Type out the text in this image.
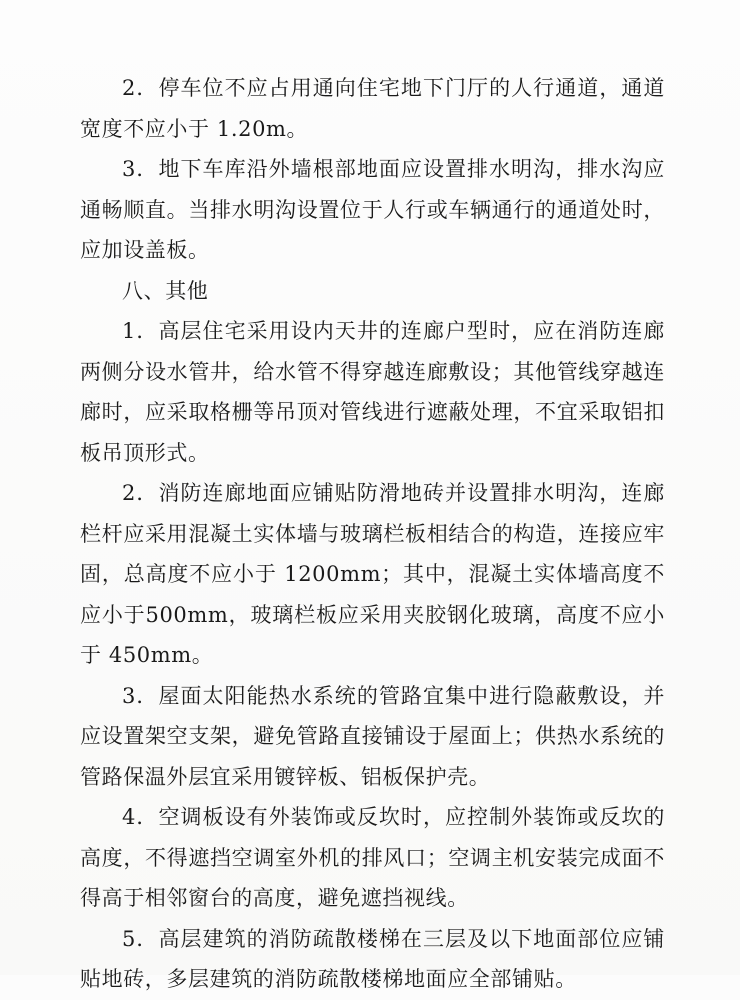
2．停车位不应占用通向住宅地下门厅的人行通道，通道宽度不应小于 1.20m。

3．地下车库沿外墙根部地面应设置排水明沟，排水沟应通畅顺直。当排水明沟设置位于人行或车辆通行的通道处时，应加设盖板。

八、其他

1．高层住宅采用设内天井的连廊户型时，应在消防连廊两侧分设水管井，给水管不得穿越连廊敷设；其他管线穿越连廊时，应采取格栅等吊顶对管线进行遮蔽处理，不宜采取铝扣板吊顶形式。

2．消防连廊地面应铺贴防滑地砖并设置排水明沟，连廊栏杆应采用混凝土实体墙与玻璃栏板相结合的构造，连接应牢固，总高度不应小于 1200mm；其中，混凝土实体墙高度不应小于500mm，玻璃栏板应采用夹胶钢化玻璃，高度不应小于 450mm。

3．屋面太阳能热水系统的管路宜集中进行隐蔽敷设，并应设置架空支架，避免管路直接铺设于屋面上；供热水系统的管路保温外层宜采用镀锌板、铝板保护壳。

4．空调板设有外装饰或反坎时，应控制外装饰或反坎的高度，不得遮挡空调室外机的排风口；空调主机安装完成面不得高于相邻窗台的高度，避免遮挡视线。

5．高层建筑的消防疏散楼梯在三层及以下地面部位应铺贴地砖，多层建筑的消防疏散楼梯地面应全部铺贴。
